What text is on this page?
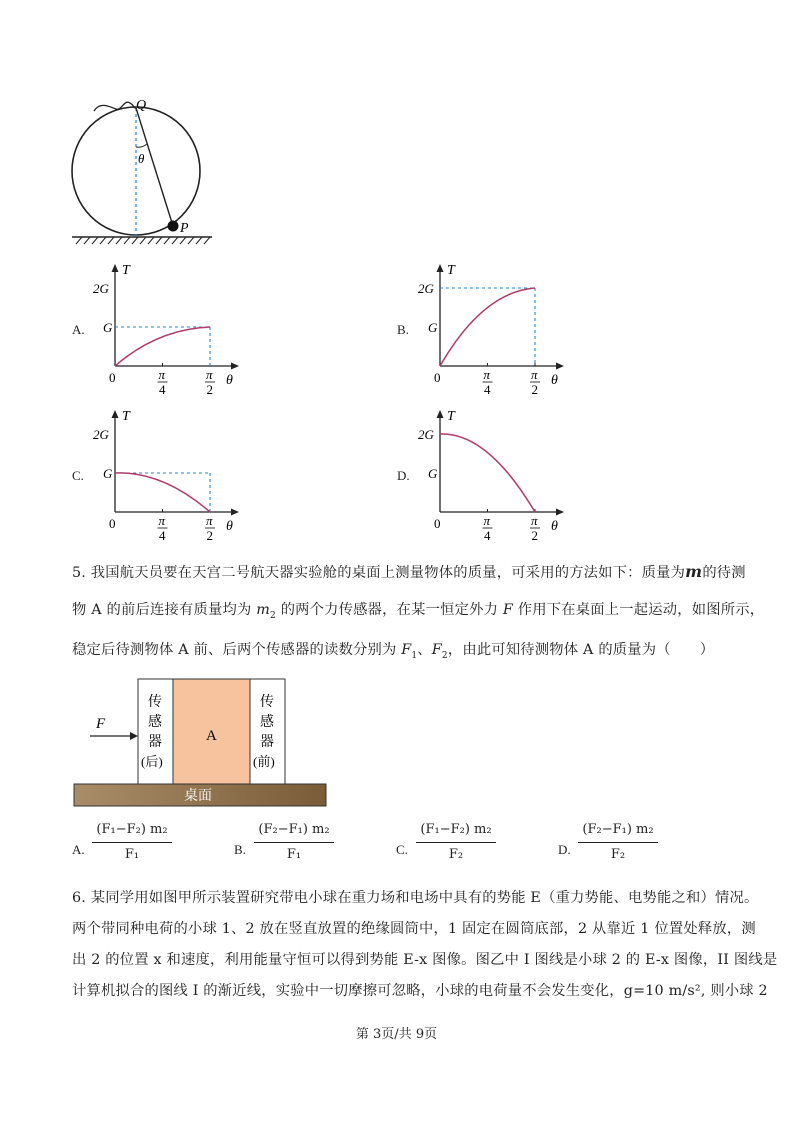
Q
θ
P
A.
T
θ
2G
G
0	π
4
π
2
B.
T
θ
2G
G
0	π
4
π
2
C.
T
θ
2G
G
0	π
4
π
2
D.
T
θ
2G
G
0	π
4
π
2
5. 我国航天员要在天宫二号航天器实验舱的桌面上测量物体的质量，可采用的方法如下：质量为m的待测
物 A 的前后连接有质量均为 $m_2$ 的两个力传感器，在某一恒定外力 F 作用下在桌面上一起运动，如图所示，
稳定后待测物体 A 前、后两个传感器的读数分别为 $F_1$、$F_2$，由此可知待测物体 A 的质量为（　　）
桌面
A
传
感
器
(后)
传
感
器
(前)
F
A.
(F₁−F₂) m₂
F₁	B.
(F₂−F₁) m₂
F₁	C.
(F₁−F₂) m₂
F₂	D.
(F₂−F₁) m₂
F₂
6. 某同学用如图甲所示装置研究带电小球在重力场和电场中具有的势能 E（重力势能、电势能之和）情况。
两个带同种电荷的小球 1、2 放在竖直放置的绝缘圆筒中，1 固定在圆筒底部，2 从靠近 1 位置处释放，测
出 2 的位置 x 和速度，利用能量守恒可以得到势能 E-x 图像。图乙中 I 图线是小球 2 的 E-x 图像，II 图线是
计算机拟合的图线 I 的渐近线，实验中一切摩擦可忽略，小球的电荷量不会发生变化，g=10 m/s², 则小球 2
第 3页/共 9页
